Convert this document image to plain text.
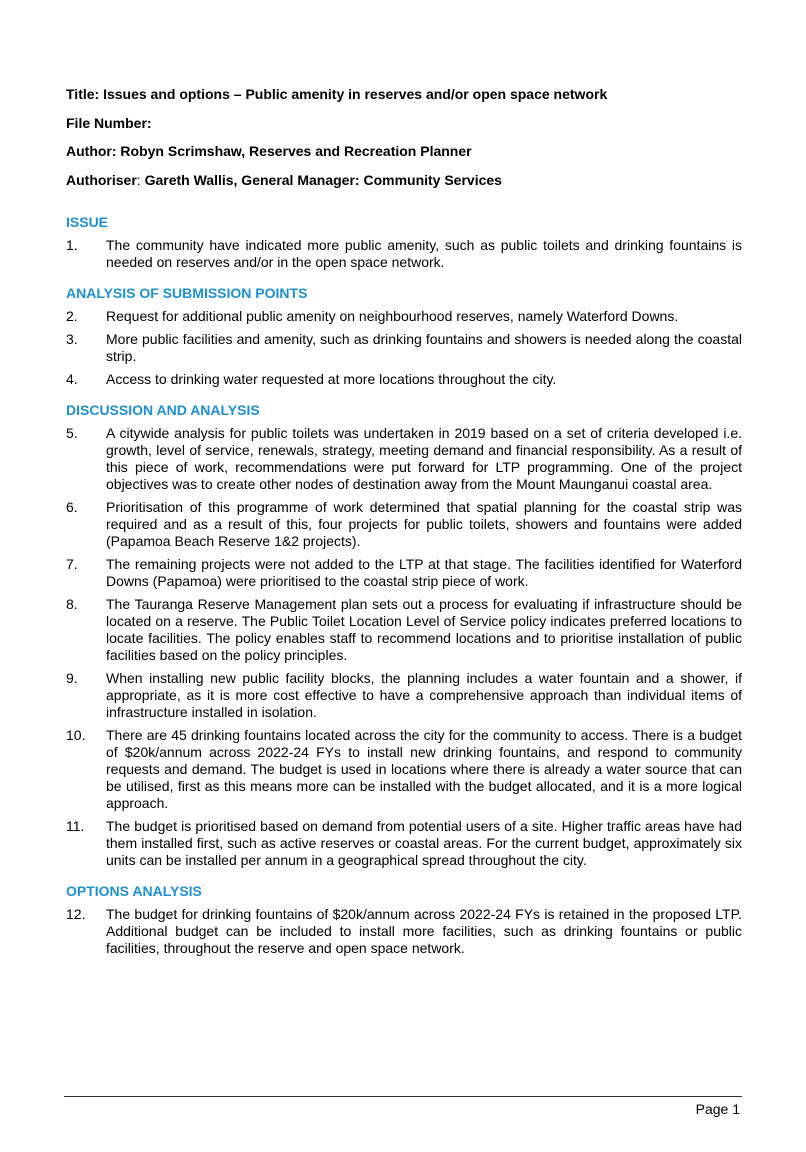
Title: Issues and options – Public amenity in reserves and/or open space network

File Number:

Author: Robyn Scrimshaw, Reserves and Recreation Planner

Authoriser: Gareth Wallis, General Manager: Community Services

ISSUE
1.	The community have indicated more public amenity, such as public toilets and drinking fountains is needed on reserves and/or in the open space network.
ANALYSIS OF SUBMISSION POINTS
2.	Request for additional public amenity on neighbourhood reserves, namely Waterford Downs.
3.	More public facilities and amenity, such as drinking fountains and showers is needed along the coastal strip.
4.	Access to drinking water requested at more locations throughout the city.
DISCUSSION AND ANALYSIS
5.	A citywide analysis for public toilets was undertaken in 2019 based on a set of criteria developed i.e. growth, level of service, renewals, strategy, meeting demand and financial responsibility. As a result of this piece of work, recommendations were put forward for LTP programming. One of the project objectives was to create other nodes of destination away from the Mount Maunganui coastal area.
6.	Prioritisation of this programme of work determined that spatial planning for the coastal strip was required and as a result of this, four projects for public toilets, showers and fountains were added (Papamoa Beach Reserve 1&2 projects).
7.	The remaining projects were not added to the LTP at that stage. The facilities identified for Waterford Downs (Papamoa) were prioritised to the coastal strip piece of work.
8.	The Tauranga Reserve Management plan sets out a process for evaluating if infrastructure should be located on a reserve. The Public Toilet Location Level of Service policy indicates preferred locations to locate facilities. The policy enables staff to recommend locations and to prioritise installation of public facilities based on the policy principles.
9.	When installing new public facility blocks, the planning includes a water fountain and a shower, if appropriate, as it is more cost effective to have a comprehensive approach than individual items of infrastructure installed in isolation.
10.	There are 45 drinking fountains located across the city for the community to access. There is a budget of $20k/annum across 2022-24 FYs to install new drinking fountains, and respond to community requests and demand. The budget is used in locations where there is already a water source that can be utilised, first as this means more can be installed with the budget allocated, and it is a more logical approach.
11.	The budget is prioritised based on demand from potential users of a site. Higher traffic areas have had them installed first, such as active reserves or coastal areas. For the current budget, approximately six units can be installed per annum in a geographical spread throughout the city.
OPTIONS ANALYSIS
12.	The budget for drinking fountains of $20k/annum across 2022-24 FYs is retained in the proposed LTP. Additional budget can be included to install more facilities, such as drinking fountains or public facilities, throughout the reserve and open space network.
Page 1
